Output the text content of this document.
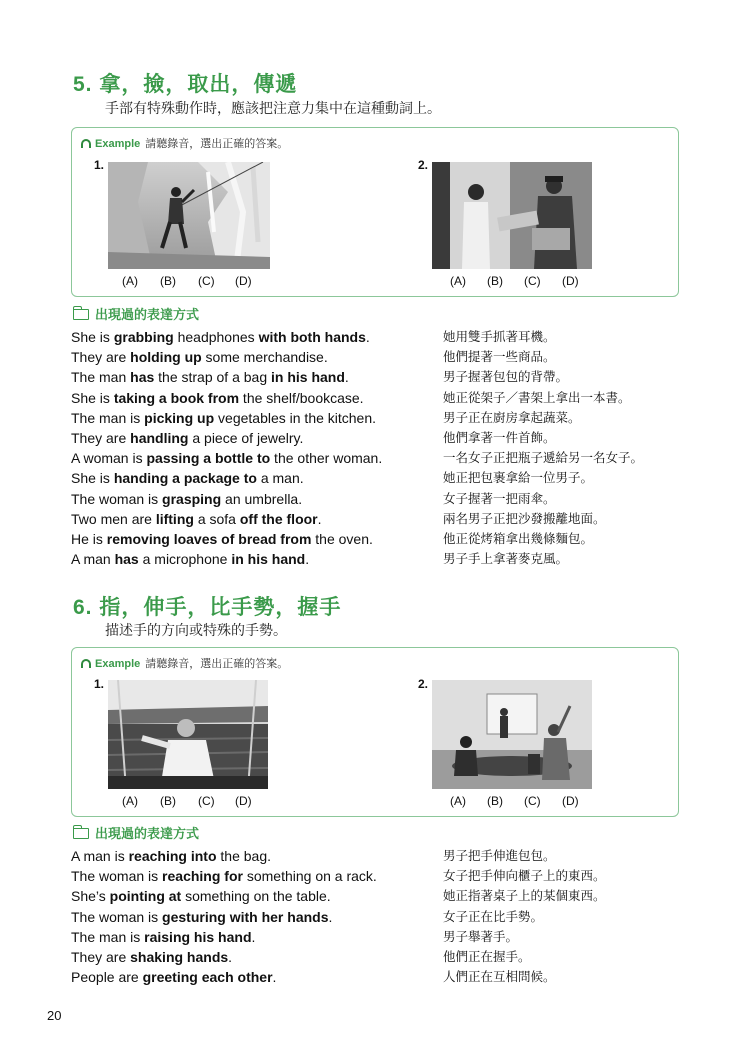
5. 拿，撿，取出，傳遞
手部有特殊動作時，應該把注意力集中在這種動詞上。
Example 請聽錄音，選出正確的答案。
1.
(A) (B) (C) (D)
2.
(A) (B) (C) (D)
出現過的表達方式
She is grabbing headphones with both hands.	她用雙手抓著耳機。
They are holding up some merchandise.	他們提著一些商品。
The man has the strap of a bag in his hand.	男子握著包包的背帶。
She is taking a book from the shelf/bookcase.	她正從架子／書架上拿出一本書。
The man is picking up vegetables in the kitchen.	男子正在廚房拿起蔬菜。
They are handling a piece of jewelry.	他們拿著一件首飾。
A woman is passing a bottle to the other woman.	一名女子正把瓶子遞給另一名女子。
She is handing a package to a man.	她正把包裹拿給一位男子。
The woman is grasping an umbrella.	女子握著一把雨傘。
Two men are lifting a sofa off the floor.	兩名男子正把沙發搬離地面。
He is removing loaves of bread from the oven.	他正從烤箱拿出幾條麵包。
A man has a microphone in his hand.	男子手上拿著麥克風。
6. 指，伸手，比手勢，握手
描述手的方向或特殊的手勢。
Example 請聽錄音，選出正確的答案。
1.
(A) (B) (C) (D)
2.
(A) (B) (C) (D)
出現過的表達方式
A man is reaching into the bag.	男子把手伸進包包。
The woman is reaching for something on a rack.	女子把手伸向櫃子上的東西。
She’s pointing at something on the table.	她正指著桌子上的某個東西。
The woman is gesturing with her hands.	女子正在比手勢。
The man is raising his hand.	男子舉著手。
They are shaking hands.	他們正在握手。
People are greeting each other.	人們正在互相問候。
20
